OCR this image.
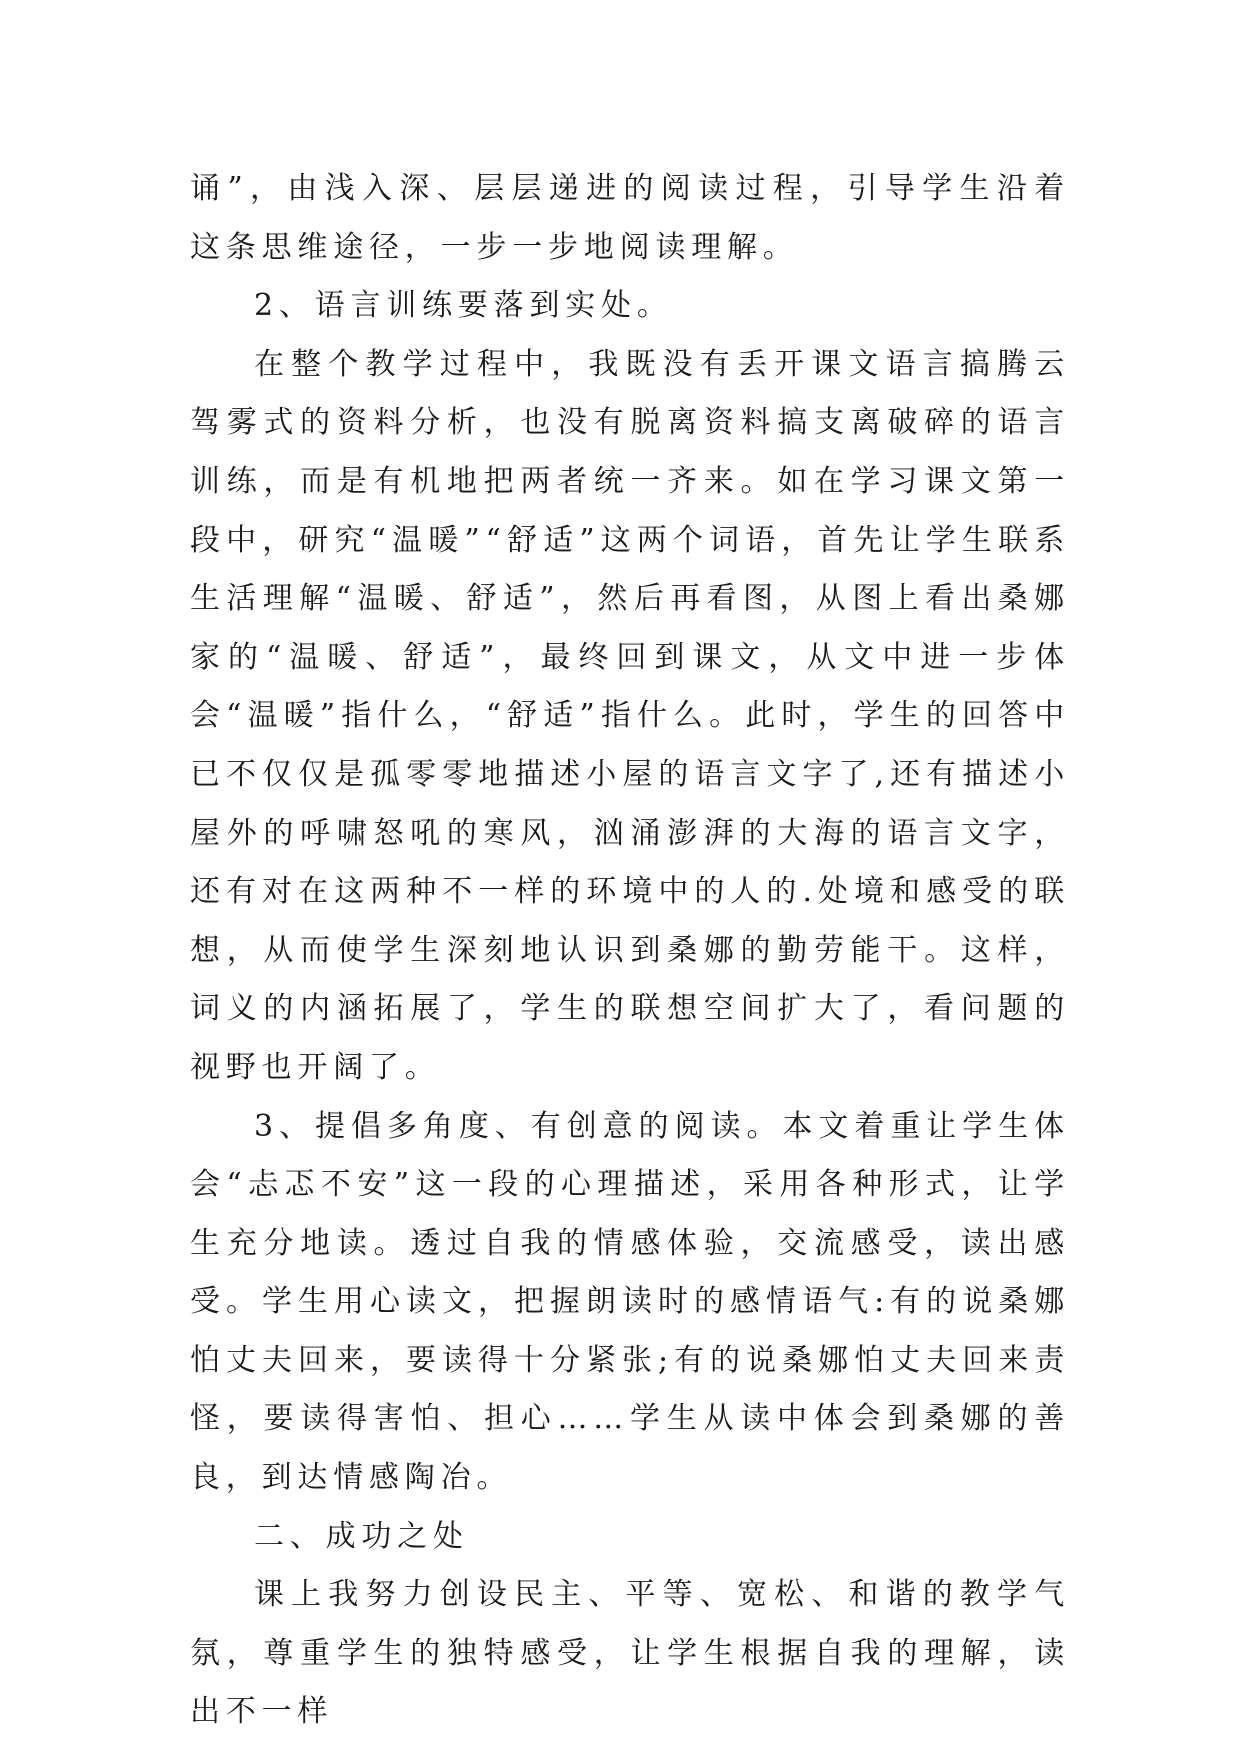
诵”，由浅入深、层层递进的阅读过程，引导学生沿着这条思维途径，一步一步地阅读理解。

2、语言训练要落到实处。

在整个教学过程中，我既没有丢开课文语言搞腾云驾雾式的资料分析，也没有脱离资料搞支离破碎的语言训练，而是有机地把两者统一齐来。如在学习课文第一段中，研究“温暖”“舒适”这两个词语，首先让学生联系生活理解“温暖、舒适”，然后再看图，从图上看出桑娜家的“温暖、舒适”，最终回到课文，从文中进一步体会“温暖”指什么，“舒适”指什么。此时，学生的回答中已不仅仅是孤零零地描述小屋的语言文字了,还有描述小屋外的呼啸怒吼的寒风，汹涌澎湃的大海的语言文字，还有对在这两种不一样的环境中的人的.处境和感受的联想，从而使学生深刻地认识到桑娜的勤劳能干。这样，词义的内涵拓展了，学生的联想空间扩大了，看问题的视野也开阔了。

3、提倡多角度、有创意的阅读。本文着重让学生体会“忐忑不安”这一段的心理描述，采用各种形式，让学生充分地读。透过自我的情感体验，交流感受，读出感受。学生用心读文，把握朗读时的感情语气:有的说桑娜怕丈夫回来，要读得十分紧张;有的说桑娜怕丈夫回来责怪，要读得害怕、担心……学生从读中体会到桑娜的善良，到达情感陶冶。

二、成功之处

课上我努力创设民主、平等、宽松、和谐的教学气氛，尊重学生的独特感受，让学生根据自我的理解，读出不一样
